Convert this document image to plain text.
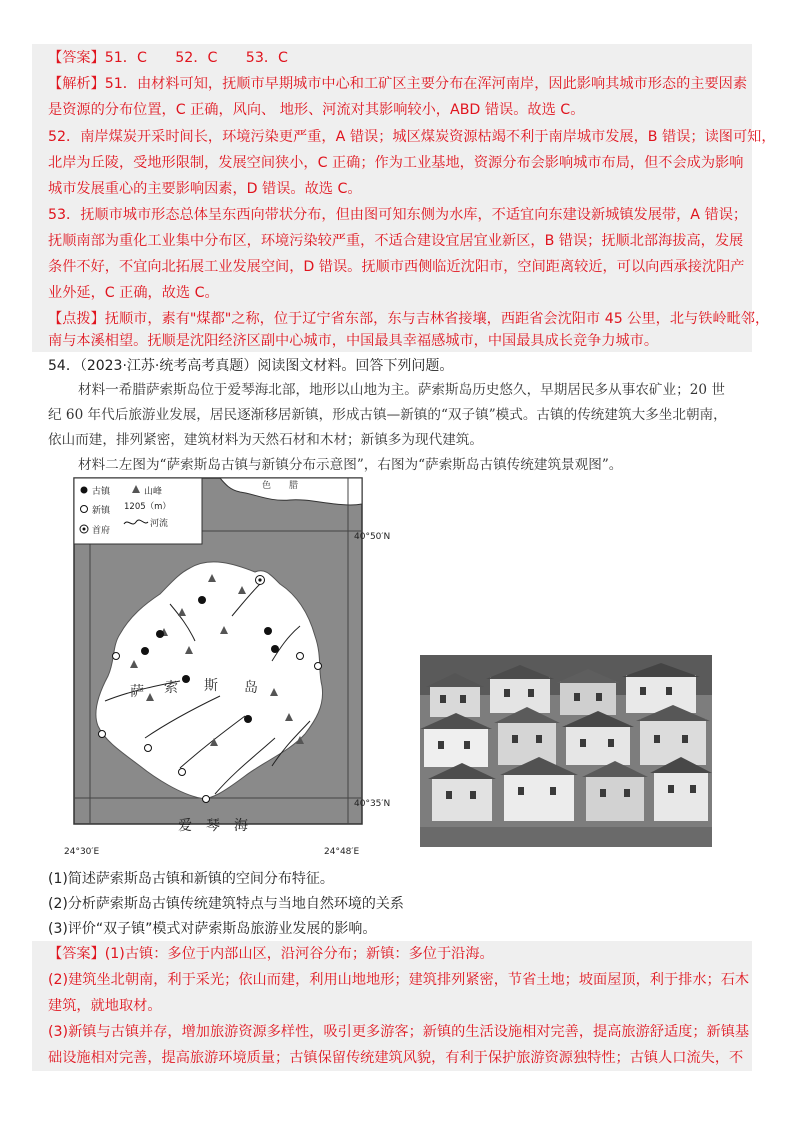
【答案】51．C　　52．C　　53．C
【解析】51．由材料可知，抚顺市早期城市中心和工矿区主要分布在浑河南岸，因此影响其城市形态的主要因素
是资源的分布位置，C 正确，风向、 地形、河流对其影响较小，ABD 错误。故选 C。
52．南岸煤炭开采时间长，环境污染更严重，A 错误；城区煤炭资源枯竭不利于南岸城市发展，B 错误；读图可知，
北岸为丘陵，受地形限制，发展空间狭小，C 正确；作为工业基地，资源分布会影响城市布局，但不会成为影响
城市发展重心的主要影响因素，D 错误。故选 C。
53．抚顺市城市形态总体呈东西向带状分布，但由图可知东侧为水库，不适宜向东建设新城镇发展带，A 错误；
抚顺南部为重化工业集中分布区，环境污染较严重，不适合建设宜居宜业新区，B 错误；抚顺北部海拔高，发展
条件不好，不宜向北拓展工业发展空间，D 错误。抚顺市西侧临近沈阳市，空间距离较近，可以向西承接沈阳产
业外延，C 正确，故选 C。
【点拨】抚顺市，素有"煤都"之称，位于辽宁省东部，东与吉林省接壤，西距省会沈阳市 45 公里，北与铁岭毗邻，
南与本溪相望。抚顺是沈阳经济区副中心城市，中国最具幸福感城市，中国最具成长竞争力城市。
54．（2023·江苏·统考高考真题）阅读图文材料。回答下列问题。
材料一希腊萨索斯岛位于爱琴海北部，地形以山地为主。萨索斯岛历史悠久，早期居民多从事农矿业；20 世
纪 60 年代后旅游业发展，居民逐渐移居新镇，形成古镇—新镇的“双子镇”模式。古镇的传统建筑大多坐北朝南，
依山而建，排列紧密，建筑材料为天然石材和木材；新镇多为现代建筑。
材料二左图为“萨索斯岛古镇与新镇分布示意图”，右图为“萨索斯岛古镇传统建筑景观图”。
色　　腊
古镇
新镇
首府
山峰
1205（m）
河流
萨 索 斯 岛
爱　琴　海
40°50′N
40°35′N
24°30′E	24°48′E
(1)简述萨索斯岛古镇和新镇的空间分布特征。
(2)分析萨索斯岛古镇传统建筑特点与当地自然环境的关系
(3)评价“双子镇”模式对萨索斯岛旅游业发展的影响。
【答案】(1)古镇：多位于内部山区，沿河谷分布；新镇：多位于沿海。
(2)建筑坐北朝南，利于采光；依山而建，利用山地地形；建筑排列紧密，节省土地；坡面屋顶，利于排水；石木
建筑，就地取材。
(3)新镇与古镇并存，增加旅游资源多样性，吸引更多游客；新镇的生活设施相对完善，提高旅游舒适度；新镇基
础设施相对完善，提高旅游环境质量；古镇保留传统建筑风貌，有利于保护旅游资源独特性；古镇人口流失，不
